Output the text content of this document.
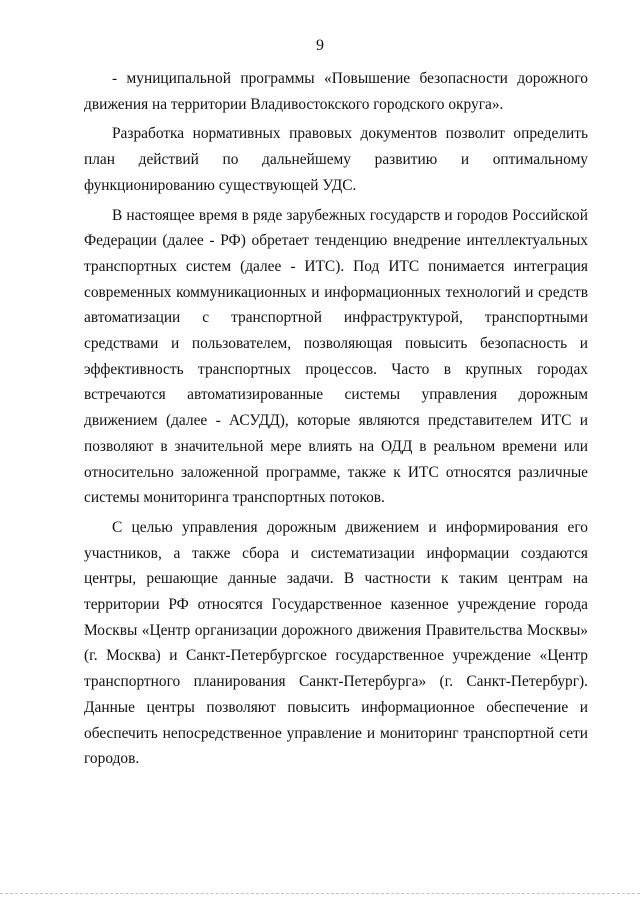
9

- муниципальной программы «Повышение безопасности дорожного движения на территории Владивостокского городского округа».

Разработка нормативных правовых документов позволит определить план действий по дальнейшему развитию и оптимальному функционированию существующей УДС.

В настоящее время в ряде зарубежных государств и городов Российской Федерации (далее - РФ) обретает тенденцию внедрение интеллектуальных транспортных систем (далее - ИТС). Под ИТС понимается интеграция современных коммуникационных и информационных технологий и средств автоматизации с транспортной инфраструктурой, транспортными средствами и пользователем, позволяющая повысить безопасность и эффективность транспортных процессов. Часто в крупных городах встречаются автоматизированные системы управления дорожным движением (далее - АСУДД), которые являются представителем ИТС и позволяют в значительной мере влиять на ОДД в реальном времени или относительно заложенной программе, также к ИТС относятся различные системы мониторинга транспортных потоков.

С целью управления дорожным движением и информирования его участников, а также сбора и систематизации информации создаются центры, решающие данные задачи. В частности к таким центрам на территории РФ относятся Государственное казенное учреждение города Москвы «Центр организации дорожного движения Правительства Москвы» (г. Москва) и Санкт-Петербургское государственное учреждение «Центр транспортного планирования Санкт-Петербурга» (г. Санкт-Петербург). Данные центры позволяют повысить информационное обеспечение и обеспечить непосредственное управление и мониторинг транспортной сети городов.
